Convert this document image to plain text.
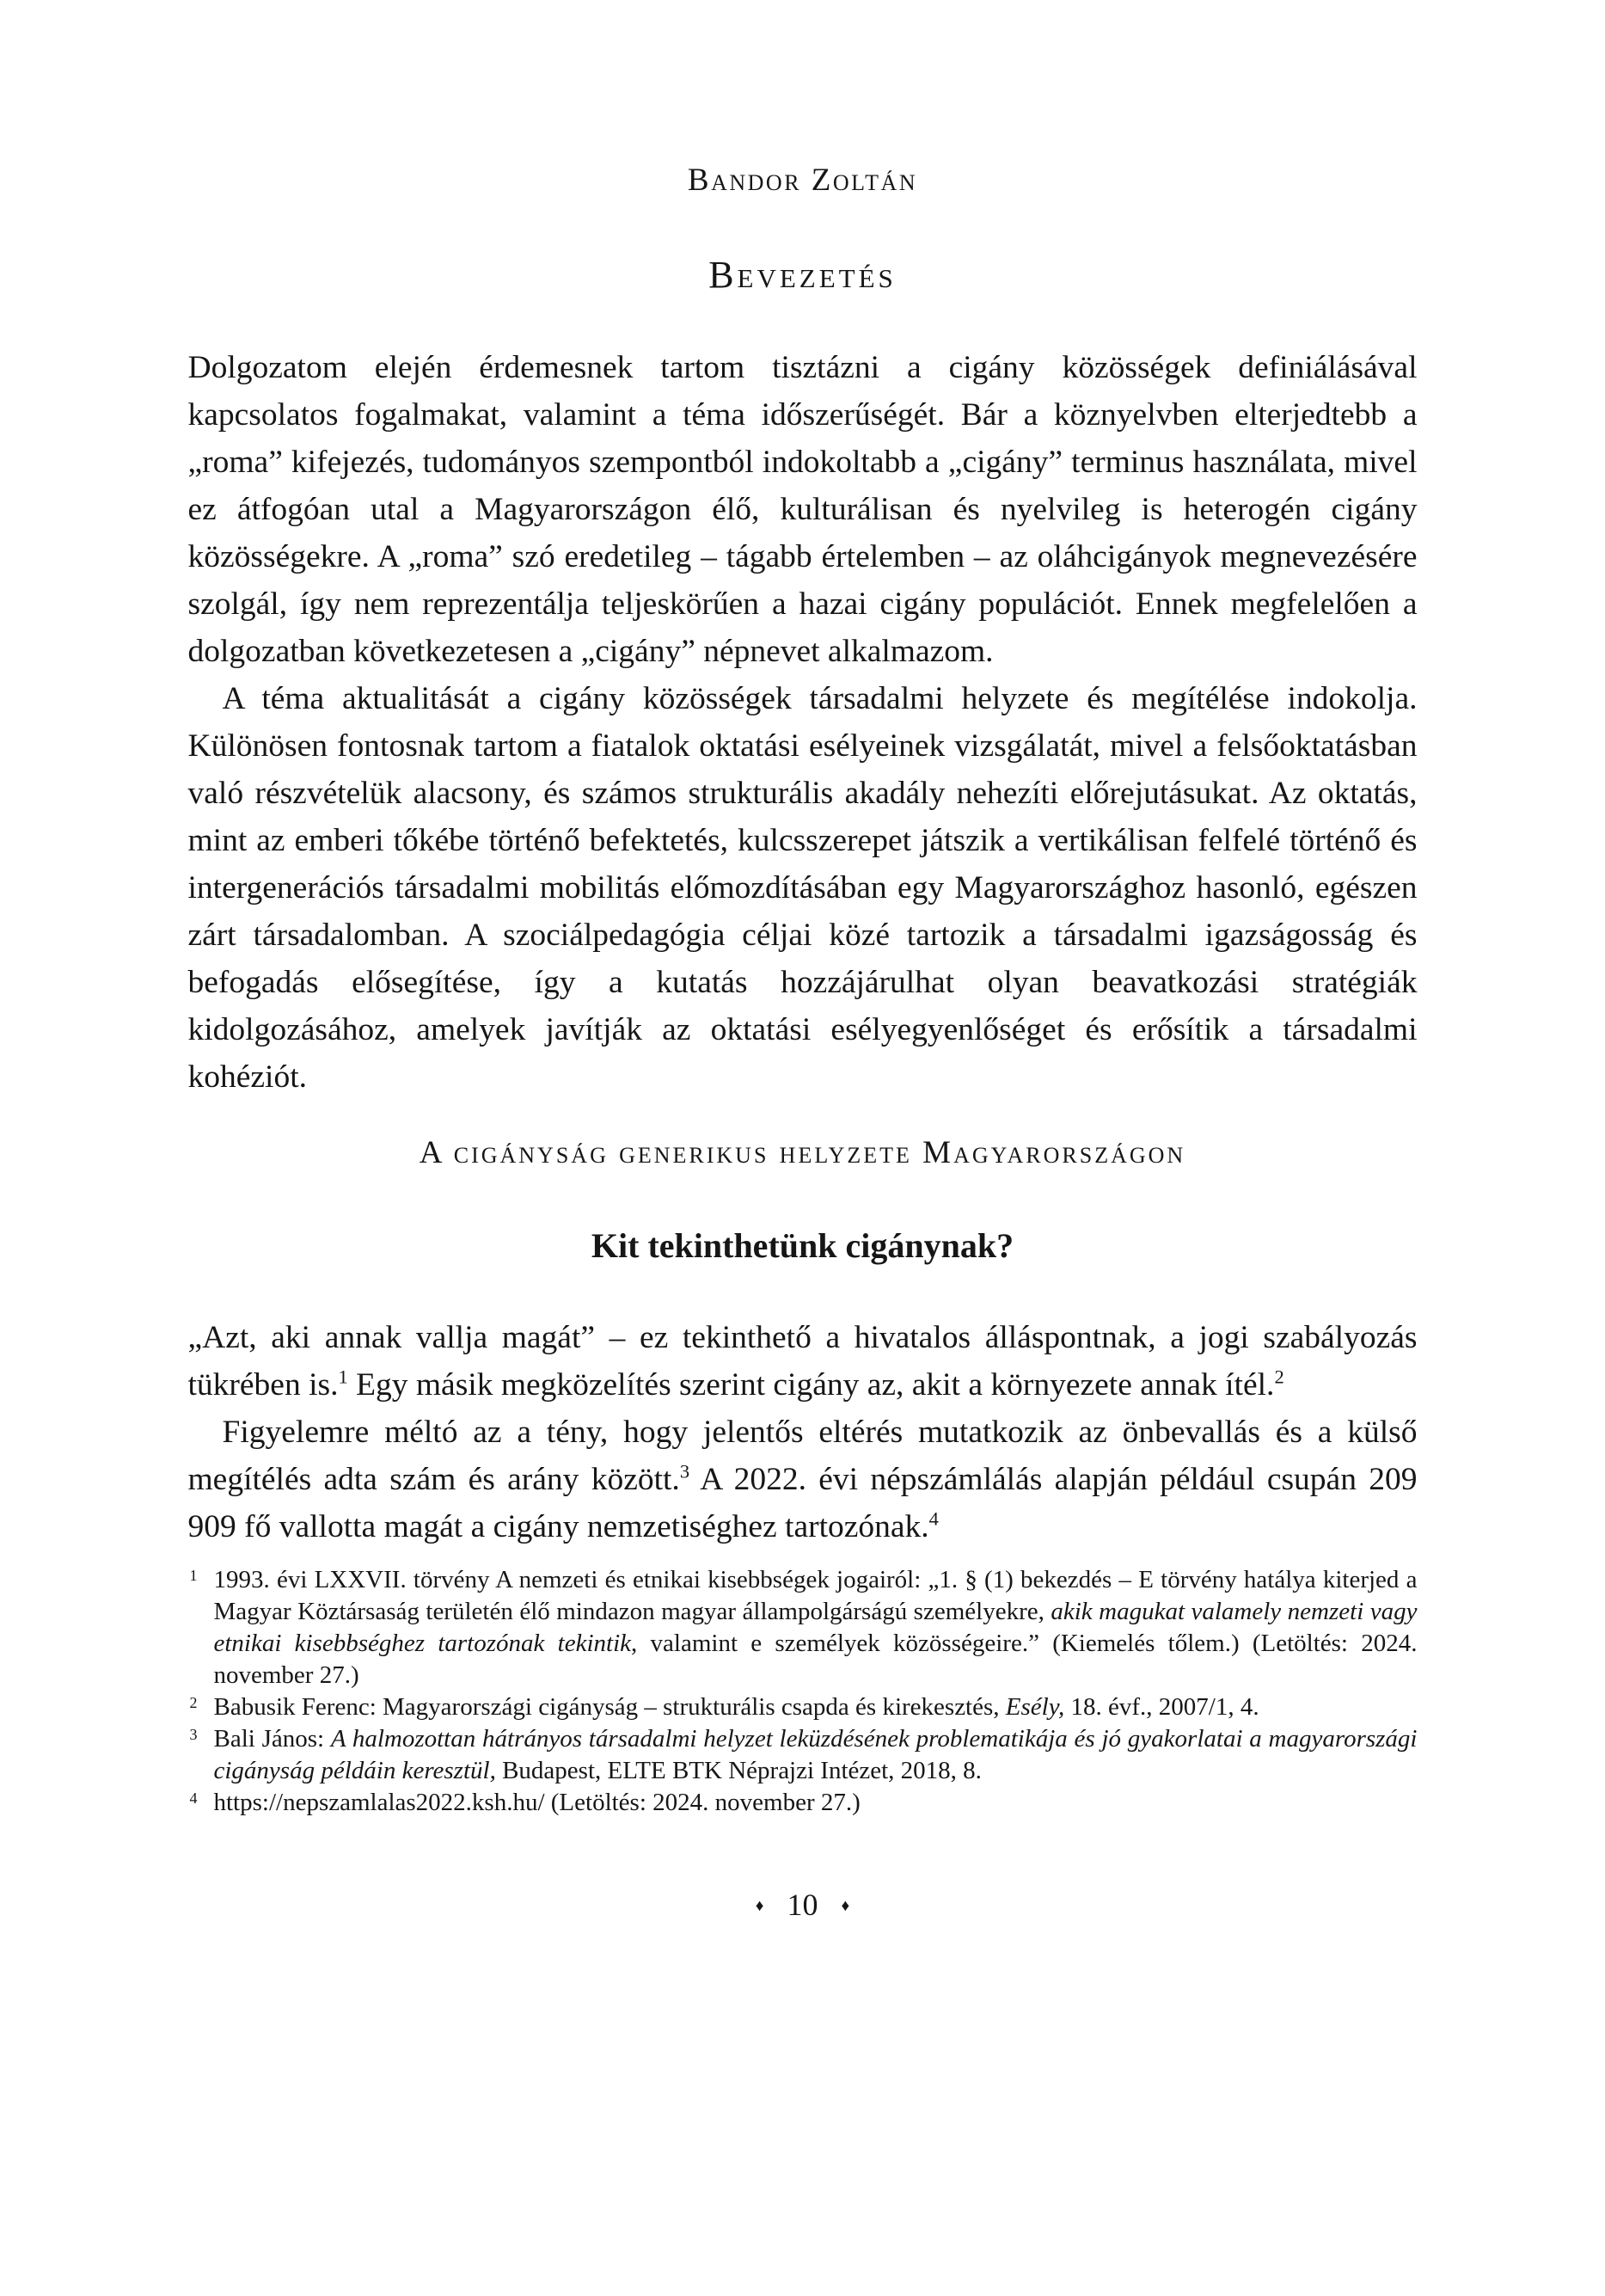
Bandor Zoltán
Bevezetés

Dolgozatom elején érdemesnek tartom tisztázni a cigány közösségek definiálásával kapcsolatos fogalmakat, valamint a téma időszerűségét. Bár a köznyelvben elterjedtebb a „roma” kifejezés, tudományos szempontból indokoltabb a „cigány” terminus használata, mivel ez átfogóan utal a Magyarországon élő, kulturálisan és nyelvileg is heterogén cigány közösségekre. A „roma” szó eredetileg – tágabb értelemben – az oláhcigányok megnevezésére szolgál, így nem reprezentálja teljeskörűen a hazai cigány populációt. Ennek megfelelően a dolgozatban következetesen a „cigány” népnevet alkalmazom.

A téma aktualitását a cigány közösségek társadalmi helyzete és megítélése indokolja. Különösen fontosnak tartom a fiatalok oktatási esélyeinek vizsgálatát, mivel a felsőoktatásban való részvételük alacsony, és számos strukturális akadály nehezíti előrejutásukat. Az oktatás, mint az emberi tőkébe történő befektetés, kulcsszerepet játszik a vertikálisan felfelé történő és intergenerációs társadalmi mobilitás előmozdításában egy Magyarországhoz hasonló, egészen zárt társadalomban. A szociálpedagógia céljai közé tartozik a társadalmi igazságosság és befogadás elősegítése, így a kutatás hozzájárulhat olyan beavatkozási stratégiák kidolgozásához, amelyek javítják az oktatási esélyegyenlőséget és erősítik a társadalmi kohéziót.

A cigányság generikus helyzete Magyarországon
Kit tekinthetünk cigánynak?

„Azt, aki annak vallja magát” – ez tekinthető a hivatalos álláspontnak, a jogi szabályozás tükrében is.$^1$ Egy másik megközelítés szerint cigány az, akit a környezete annak ítél.$^2$

Figyelemre méltó az a tény, hogy jelentős eltérés mutatkozik az önbevallás és a külső megítélés adta szám és arány között.$^3$ A 2022. évi népszámlálás alapján például csupán 209 909 fő vallotta magát a cigány nemzetiséghez tartozónak.$^4$

1 1993. évi LXXVII. törvény A nemzeti és etnikai kisebbségek jogairól: „1. § (1) bekezdés – E törvény hatálya kiterjed a Magyar Köztársaság területén élő mindazon magyar állampolgárságú személyekre, akik magukat valamely nemzeti vagy etnikai kisebbséghez tartozónak tekintik, valamint e személyek közösségeire.” (Kiemelés tőlem.) (Letöltés: 2024. november 27.)
2 Babusik Ferenc: Magyarországi cigányság – strukturális csapda és kirekesztés, Esély, 18. évf., 2007/1, 4.
3 Bali János: A halmozottan hátrányos társadalmi helyzet leküzdésének problematikája és jó gyakorlatai a magyarországi cigányság példáin keresztül, Budapest, ELTE BTK Néprajzi Intézet, 2018, 8.
4 https://nepszamlalas2022.ksh.hu/ (Letöltés: 2024. november 27.)
♦ 10 ♦
